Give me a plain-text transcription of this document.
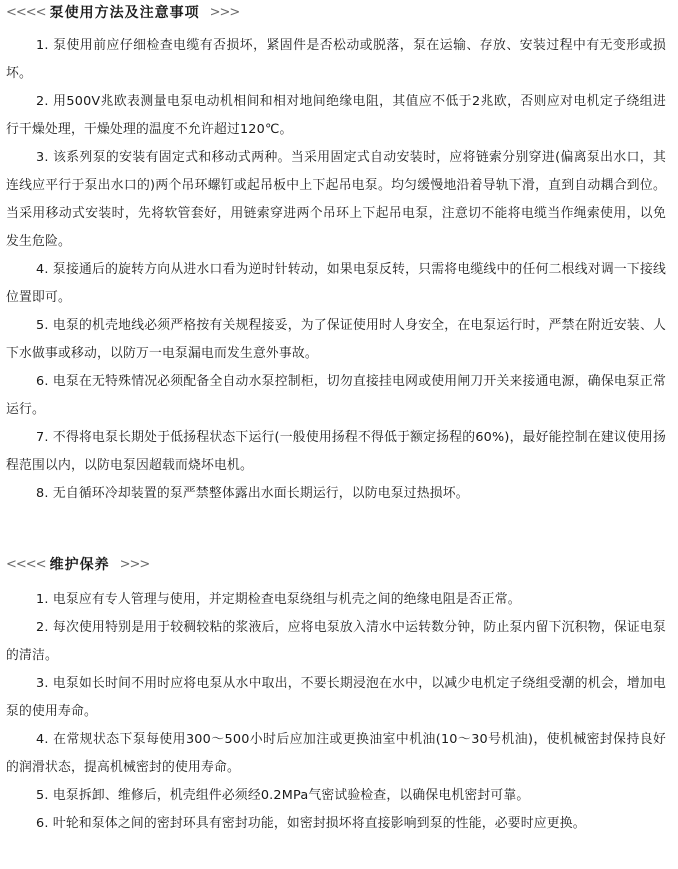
<<<< 泵使用方法及注意事项 >>>

1. 泵使用前应仔细检查电缆有否损坏，紧固件是否松动或脱落，泵在运输、存放、安装过程中有无变形或损坏。

2. 用500V兆欧表测量电泵电动机相间和相对地间绝缘电阻，其值应不低于2兆欧，否则应对电机定子绕组进行干燥处理，干燥处理的温度不允许超过120℃。

3. 该系列泵的安装有固定式和移动式两种。当采用固定式自动安装时，应将链索分别穿进(偏离泵出水口，其连线应平行于泵出水口的)两个吊环螺钉或起吊板中上下起吊电泵。均匀缓慢地沿着导轨下滑，直到自动耦合到位。当采用移动式安装时，先将软管套好，用链索穿进两个吊环上下起吊电泵，注意切不能将电缆当作绳索使用，以免发生危险。

4. 泵接通后的旋转方向从进水口看为逆时针转动，如果电泵反转，只需将电缆线中的任何二根线对调一下接线位置即可。

5. 电泵的机壳地线必须严格按有关规程接妥，为了保证使用时人身安全，在电泵运行时，严禁在附近安装、人下水做事或移动，以防万一电泵漏电而发生意外事故。

6. 电泵在无特殊情况必须配备全自动水泵控制柜，切勿直接挂电网或使用闸刀开关来接通电源，确保电泵正常运行。

7. 不得将电泵长期处于低扬程状态下运行(一般使用扬程不得低于额定扬程的60%)，最好能控制在建议使用扬程范围以内，以防电泵因超载而烧坏电机。

8. 无自循环冷却装置的泵严禁整体露出水面长期运行，以防电泵过热损坏。

<<<< 维护保养 >>>

1. 电泵应有专人管理与使用，并定期检查电泵绕组与机壳之间的绝缘电阻是否正常。

2. 每次使用特别是用于较稠较粘的浆液后，应将电泵放入清水中运转数分钟，防止泵内留下沉积物，保证电泵的清洁。

3. 电泵如长时间不用时应将电泵从水中取出，不要长期浸泡在水中，以减少电机定子绕组受潮的机会，增加电泵的使用寿命。

4. 在常规状态下泵每使用300～500小时后应加注或更换油室中机油(10～30号机油)，使机械密封保持良好的润滑状态，提高机械密封的使用寿命。

5. 电泵拆卸、维修后，机壳组件必须经0.2MPa气密试验检查，以确保电机密封可靠。

6. 叶轮和泵体之间的密封环具有密封功能，如密封损坏将直接影响到泵的性能，必要时应更换。
